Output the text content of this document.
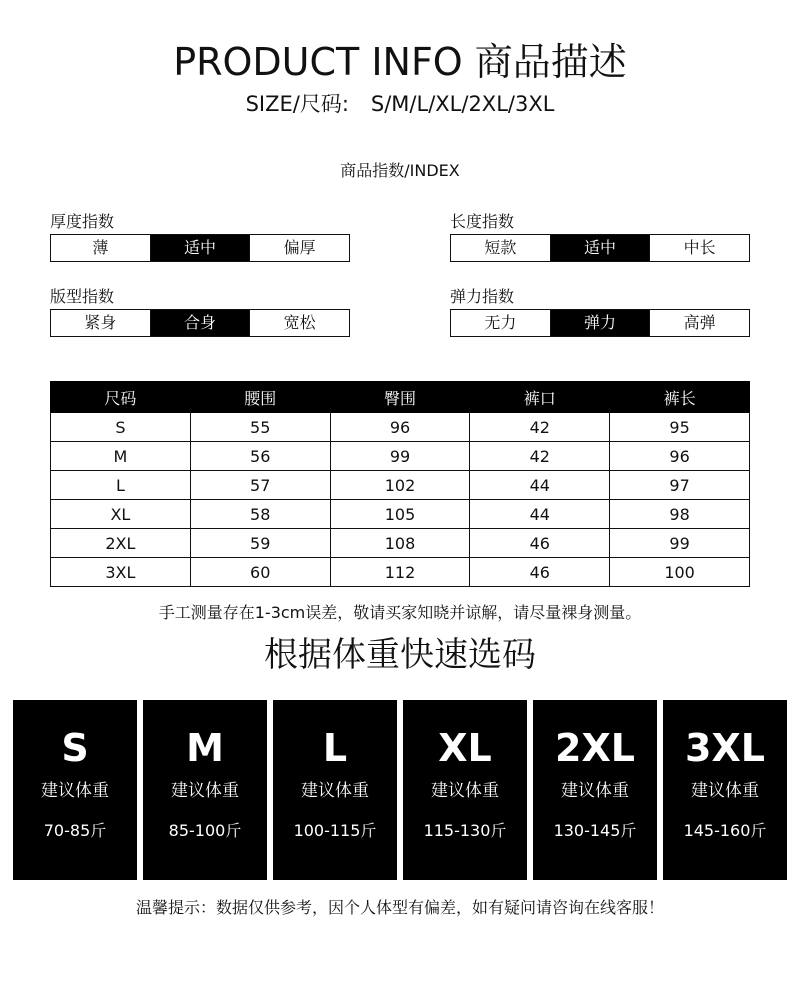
PRODUCT INFO 商品描述
SIZE/尺码: S/M/L/XL/2XL/3XL
商品指数/INDEX
厚度指数
薄	适中	偏厚
长度指数
短款	适中	中长
版型指数
紧身	合身	宽松
弹力指数
无力	弹力	高弹
尺码	腰围	臀围	裤口	裤长
S	55	96	42	95
M	56	99	42	96
L	57	102	44	97
XL	58	105	44	98
2XL	59	108	46	99
3XL	60	112	46	100
手工测量存在1-3cm误差，敬请买家知晓并谅解，请尽量裸身测量。
根据体重快速选码
S
建议体重
70-85斤
M
建议体重
85-100斤
L
建议体重
100-115斤
XL
建议体重
115-130斤
2XL
建议体重
130-145斤
3XL
建议体重
145-160斤
温馨提示：数据仅供参考，因个人体型有偏差，如有疑问请咨询在线客服！
